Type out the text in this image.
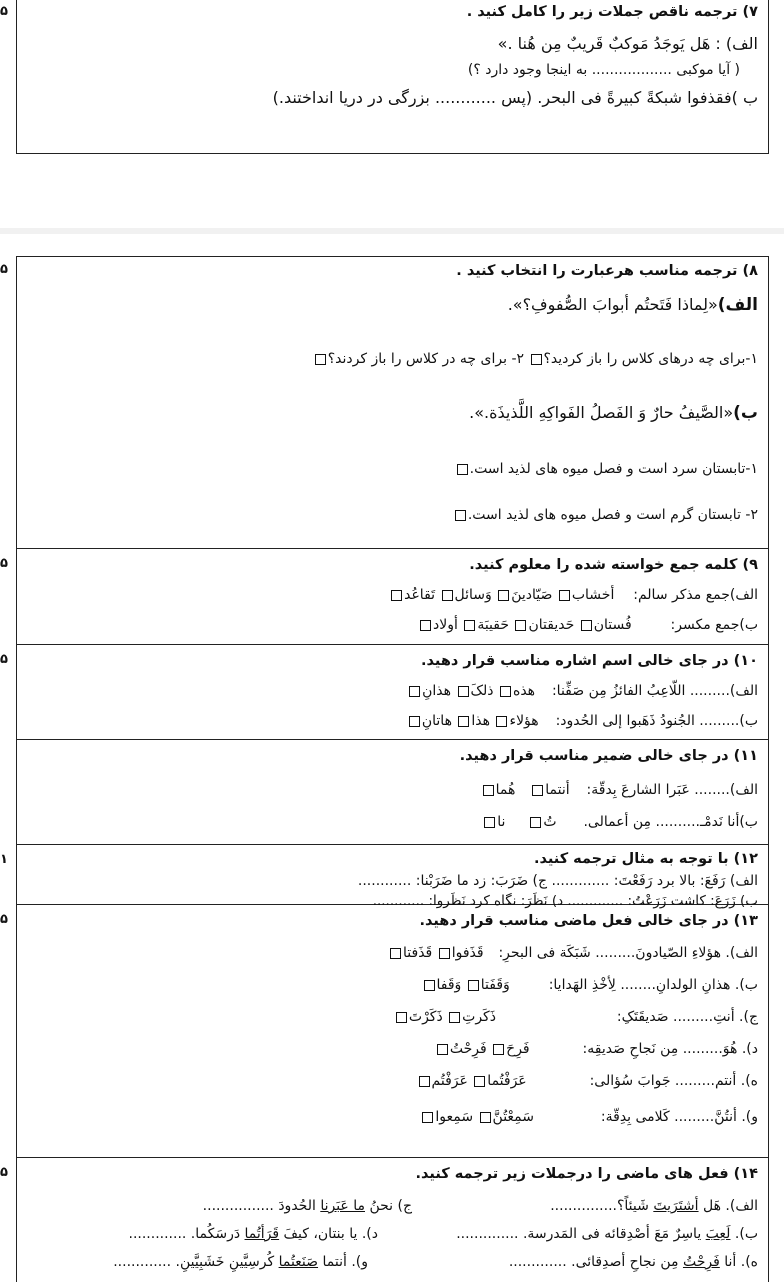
۷) ترجمه ناقص جملات زیر را کامل کنید .
الف) : هَل یَوجَدُ مَوکبٌ قَریبٌ مِن هُنا .»
( آیا موکبی .................. به اینجا وجود دارد ؟)
ب )فقذفوا شبکةً کبیرةً فی البحر. (پس ............ بزرگی در دریا انداختند.)
۵
۸) ترجمه مناسب هرعبارت را انتخاب کنید .
الف)«لِماذا فَتَحتُم أبوابَ الصُّفوفِ؟».
۱-برای چه درهای کلاس را باز کردید؟ ۲- برای چه در کلاس را باز کردند؟
ب)«الصَّیفُ حارٌ وَ الفَصلُ الفَواکِهِ اللَّذیذَة.».
۱-تابستان سرد است و فصل میوه های لذید است.
۲- تابستان گرم است و فصل میوه های لذید است.
۵
۹) کلمه جمع خواسته شده را معلوم کنید.
الف)جمع مذکر سالم:  أخشاب صَیّادینَ وَسائل تَقاعُد
ب)جمع مکسر:  فُستان حَدیقتان حَقیبَة أولاد
۵
۱۰) در جای خالی اسم اشاره مناسب قرار دهید.
الف)......... اللّاعِبُ الفائزُ مِن صَفِّنا:  هذه ذلکَ هذانِ
ب)......... الجُنودُ ذَهَبوا إلی الحُدود:  هؤلاء هذا هاتانِ
۵
۱۱) در جای خالی ضمیر مناسب قرار دهید.
الف)........ عَبَرا الشارعَ بِدقّة:  أنتما  هُما
ب)أنا نَدمْـ.......... مِن أعمالی.  تُ  نا
۱۲) با توجه به مثال ترجمه کنید.
الف) رَفَعَ: بالا برد رَفَعْتَ: ............. ج) ضَرَبَ: زد ما ضَرَبْنا: ............
ب) زَرَعَ: کاشت زَرَعْتُ: ............. د) نَظَرَ: نگاه کرد نَظَروا: ............
۱
۱۳) در جای خالی فعل ماضی مناسب قرار دهید.
الف). هؤلاءِ الصّیادونَ......... شَبَکَة فی البحرِ:  قَذَفوا قَذَفتا
ب). هذانِ الولدانِ........ لِأخْذِ الهَدایا:  وَقَفَتا وَقَفا
ج). أنتِ......... صَدیقَتَکِ:  ذَکَرتِ ذَکَرْتَ
د). هُوَ......... مِن نَجاحِ صَدیقِه:  فَرِحَ فَرِحْتُ
ه). أنتم......... جَوابَ سُؤالی:  عَرَفْتُما عَرَفْتُم
و). أنتُنَّ......... کَلامی بِدِقّة:  سَمِعْتُنَّ سَمِعوا
۵
۱۴) فعل های ماضی را درجملات زیر ترجمه کنید.
الف). هَل أشتَرَیتَ شَیئاً؟...............
ج) نحنُ ما عَبَرنا الحُدودَ ................
ب). لَعِبَ یاسِرٌ مَعَ أصْدِقائه فی المَدرسة. ..............
د). یا بنتان، کیفَ قَرَأتُما دَرسَکُما. .............
ه). أنا فَرِحْتُ مِن نجاحِ أصدِقائی. .............
و). أنتما صَنَعتُما کُرسِیَّینِ خَشَبِیَّینِ. .............
۵
